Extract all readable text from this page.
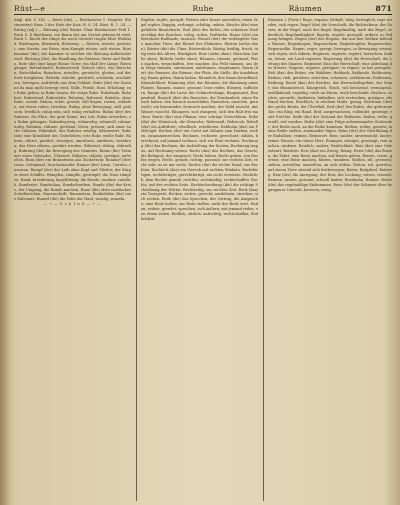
Rüst—e	Ruhe	Räumen	871
Abgl. Abt. S. 145. — Rüste (die), — Rüstmeister 1. Hauptst. (Rüstmeister) Haus 2 des Hofs der Kais. R. S. 14. Rüst. R. 1. 34. — Rüstig (adj.) — Rüstung (die) Rüster Ulme Rüstmeister Feld 1. Ruch S. 4 Rüstbaum, ein Baum der am Gerüst gebraucht wird. Ruch 1. Rucht der Dinge die nach Gerücht tragen Ehre Ehrkleid. Rüstwagen, Rüstwerk, Rüstzeug. — Rüsten, rüstete, gerüstet; zum Streite, zur Reise, zum Kampfe rüsten; sich rüsten. Rüstkammer (die), die Kammer in welcher die Rüstung aufbewahrt wird. Rüstung (die), die Handlung des Rüstens; Wehr und Waffen. Rute (die) eine lange dünne Gerte; ein Maß der Länge. Rutengänger, Rutenbündel, Rutenstreich. Rutsch (der), das Rutschen; Rutschbahn. Rutschen, rutschte, gerutscht; gleiten, auf der Erde fortgleiten. Rütteln, rüttelte, gerüttelt; schütteln, erschüttern, bewegen, aufrütteln aus dem Schlafe. Ruhe (die) der Zustand da man nicht bewegt wird, Stille, Friede, Rast, Erholung; zur Ruhe gehen, in Ruhe lassen, die ewige Ruhe. Ruhebank, Ruhebett, Ruhestand, Ruhestätte, Ruhetag, Ruhezeit. Ruhelos, ohne Ruhe, unstät. Ruhen, ruhte, geruht; still liegen, rasten, schlafen; auf etwas ruhen, beruhen. Ruhig, ohne Bewegung, still, gelassen, friedlich; ruhig sein, sich ruhig verhalten. Ruhm (der) des Ruhmes, die Ehre, der gute Name, das Lob; Ruhm erwerben, zu Ruhm gelangen. Ruhmbegierig, ruhmredig, ruhmvoll, ruhmwürdig. Rühmen, rühmte, gerühmt; loben, preisen; sich einer Sache rühmen. Rühmlich, des Ruhmes würdig, lobenswert. Ruhr (die) eine Krankheit des Unterleibes; rote Ruhr, weiße Ruhr. Rühren, rührte, gerührt; bewegen, umrühren, anrühren, berühren; das Herz rühren, gerührt werden. Rührend, rührig, rührselig. Rührung (die) die Bewegung des Gemütes. Ruine (die) Trümmer eines Gebäudes, Überrest. Rülpsen, rülpste, gerülpst; aufstoßen. Rum (der) ein Branntwein aus Zuckerrohr. Rummel (der) Lärm, Getümmel, Durcheinander. Rumor (der) Lärm, Unruhe; rumoren. Rumpf (der) der Leib ohne Kopf und Glieder; der Körper eines Schiffes. Rümpfen, rümpfte, gerümpft; die Nase rümpfen. Rund, kreisförmig, kugelförmig; die Runde, rundum, rundlich, Rundreise, Rundschau, Rundschreiben. Runde (die) der Kreis, der Umgang; die Runde machen. Rune (die) altes nordisches Schriftzeichen; Runenschrift, Runenstein. Runkelrübe (die) eine Rübenart. Runzel (die) die Falte der Haut; runzlig, runzeln.
— • — S c h l u ß — • —
Rupfen, rupfte, gerupft; Federn oder Haare ausreißen; einen Vogel rupfen. Ruppig, zerlumpt, schäbig, unfein. Rüsche (die) eine gefaltete Besatzborte. Ruß (der) des Rußes, der schwarze Niederschlag des Rauches; rußig, rußen, Rußfarbe. Russe (der) ein Bewohner Rußlands; russisch. Rüssel (der) die verlängerte Nase mancher Tiere; der Rüssel des Elefanten. Rüsten (siehe oben). Rüster (die) die Ulme; Rüsternholz. Rüstig, kräftig, frisch, tätig trotz des Alters; Rüstigkeit. Rute (siehe oben). Rutschen (siehe oben). Rütteln (siehe oben). Räumen, räumte, geräumt; Platz machen, wegschaffen, leer machen; das Feld räumen, aus dem Wege räumen, einräumen, aufräumen, wegräumen. Raum (der) des Raumes, die Räume; der Platz, die Stelle, die Ausdehnung; Raum geben, Raum haben. Räumlich, den Raum betreffend; Räumlichkeit. Räumung (die) das Räumen; die Räumung eines Platzes. Raunen, raunte, geraunt; leise reden, flüstern, zuflüstern. Raupe (die) die Larve des Schmetterlings; Raupennest, Raupenfraß. Rausch (der) des Rausches, die Trunkenheit; einen Rausch haben, den Rausch ausschlafen. Rauschen, rauschte, gerauscht; ein brausendes Geräusch machen; der Wald rauscht, das Wasser rauscht. Räuspern, sich räuspern; sich den Hals frei machen. Raute (die) eine Pflanze; eine schräge Viereckform. Rebe (die) der Weinstock, die Weinrebe; Rebensaft, Rebstock. Rebell (der) ein Aufrührer; rebellisch, rebellieren. Rebhuhn (das) ein Feldvogel. Rechen (der) ein Gerät mit Zähnen zum Harken; rechen, zusammenrechen. Rechnen, rechnete, gerechnet; zählen, berechnen; auf jemand rechnen, sich zur Ehre rechnen. Rechnung (die) das Rechnen; die Aufstellung der Kosten; Rechnung tragen, auf Rechnung setzen. Recht (das) des Rechtes; das Gesetz, die Befugnis, der Anspruch; Recht haben, Recht geben, von Rechts wegen. Recht, gerade, richtig, passend; zur rechten Zeit, recht sehr, es ist mir recht. Rechte (die) die rechte Hand; zur Rechten. Rechteck (das) ein Viereck mit rechten Winkeln. Rechtfertigen, rechtfertigte, gerechtfertigt; als recht erweisen. Rechtlich, dem Rechte gemäß; rechtlos, rechtmäßig, rechtschaffen. Rechts, auf der rechten Seite. Rechtschreibung (die) die richtige Schreibung der Wörter. Rechtzeitig, zur rechten Zeit. Reck (das) ein Turngerät. Recken, reckte, gereckt; ausdehnen, strecken; sich recken. Rede (die) das Sprechen, der Vortrag, die Ansprache; eine Rede halten, zur Rede stellen, nicht der Rede wert. Reden, redete, geredet; sprechen, sich äußern; mit jemand reden, von etwas reden. Redlich, ehrlich, aufrichtig, rechtschaffen; Redlichkeit.
Räumen 2 (Forts.) Rege, regsam, lebhaft, tätig, beweglich; rege werden, sich regen. Regel (die) die Vorschrift, die Richtschnur, das Gesetz; in der Regel, nach der Regel. Regelmäßig, nach der Regel, ordentlich; Regelmäßigkeit. Regeln, regelte, geregelt; ordnen, in Ordnung bringen. Regen (der) des Regens, das aus den Wolken fallende Wasser; Regenbogen, Regenschirm, Regentropfen, Regenwetter, Regenwolke. Regen, regte, geregt; bewegen, in Bewegung setzen; sich regen, sich rühren. Regieren, regierte, regiert; herrschen, lenken, leiten; ein Land regieren. Regierung (die) die Herrschaft, die Leitung des Staates. Regiment (das) die Herrschaft; eine Abteilung des Heeres. Regnen, regnete, geregnet; es regnet, es hat geregnet. Reh (das) des Rehes, ein Waldtier; Rehbock, Rehkeule, Rehbraten. Reiben, rieb, gerieben; streichen, scheuern, zerkleinern; Reibeisen, Reibung. Reich (das) des Reiches, das Herrschaftsgebiet, der Staat; das Himmelreich, Königreich. Reich, viel besitzend, vermögend, wohlhabend, ergiebig; reich an Ehren, reich beschenkt. Reichen, reichte, gereicht; darbieten, hinhalten, sich erstrecken, genügen; die Hand reichen. Reichlich, in reichem Maße, genug. Reichtum (der) der große Besitz, der Überfluß. Reif (der) des Reifes, der gefrorene Tau; ein Ring, ein Band. Reif, ausgewachsen, vollendet, gezeitigt; reife Früchte. Reife (die) der Zustand des Reifseins. Reifen, reifte, gereift; reif werden. Reihe (die) eine Folge nebeneinander Stehender; der Reihe nach, an die Reihe kommen. Reihen, reihte, gereiht; in eine Reihe stellen, aneinander fügen. Reim (der) der Gleichklang der Endsilben; reimen, Reimwort. Rein, sauber, unvermischt, lauter; reines Wasser, ein reines Herz. Reinigen, reinigte, gereinigt; rein machen, säubern. Reinlich, sauber; Reinlichkeit. Reis (der) eine Getreideart; Reisbrei. Reis (das) ein Zweig; Reisig. Reise (die) das Reisen, die Fahrt; eine Reise machen, auf Reisen gehen. Reisen, reiste, gereist; eine Reise machen, fahren, wandern. Reißen, riß, gerissen; ziehen, zerreißen, ausreißen; an sich reißen. Reiten, ritt, geritten; auf einem Tiere sitzend sich fortbewegen; Reiter, Reitpferd, Reitweg. Reiz (der) die Anregung, der Reiz, die Lockung; reizen, reizend. Rennen, rannte, gerannt; schnell laufen; Rennbahn, Renner. Rente (die) das regelmäßige Einkommen. Reue (die) der Schmerz über begangenes Unrecht; bereuen, reuig.
